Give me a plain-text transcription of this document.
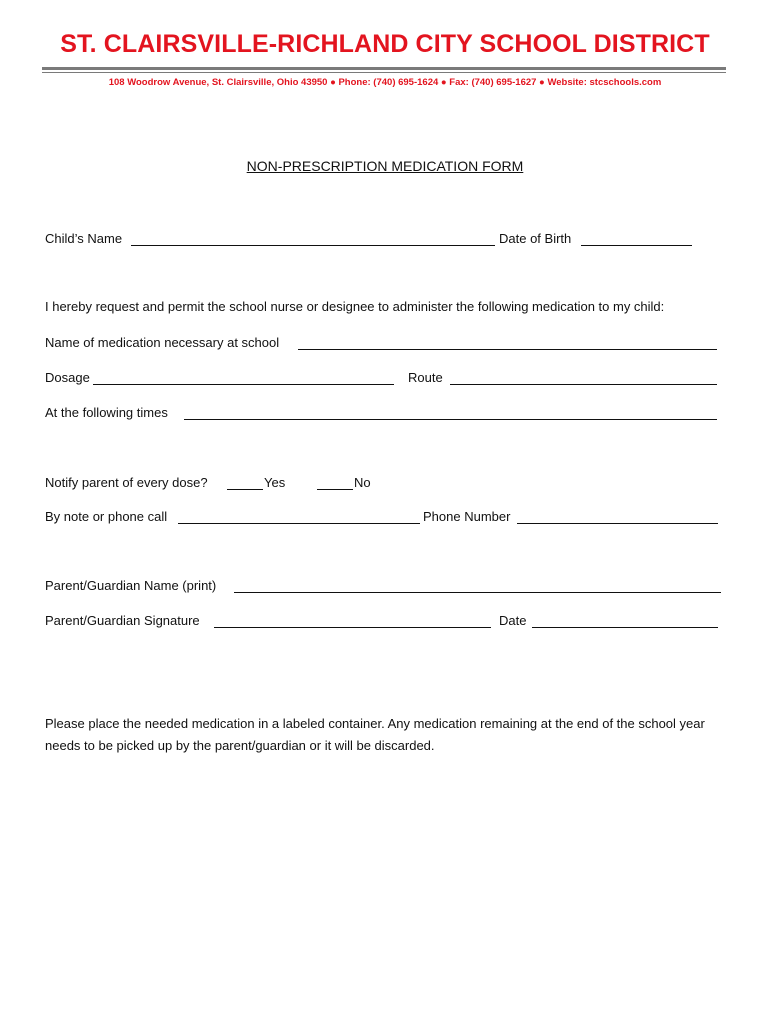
ST. CLAIRSVILLE-RICHLAND CITY SCHOOL DISTRICT
108 Woodrow Avenue, St. Clairsville, Ohio 43950 ● Phone: (740) 695-1624 ● Fax: (740) 695-1627 ● Website: stcschools.com
NON-PRESCRIPTION MEDICATION FORM
Child’s Name	Date of Birth
I hereby request and permit the school nurse or designee to administer the following medication to my child:
Name of medication necessary at school
Dosage	Route
At the following times
Notify parent of every dose?	Yes	No
By note or phone call	Phone Number
Parent/Guardian Name (print)
Parent/Guardian Signature	Date
Please place the needed medication in a labeled container. Any medication remaining at the end of the school year needs to be picked up by the parent/guardian or it will be discarded.
